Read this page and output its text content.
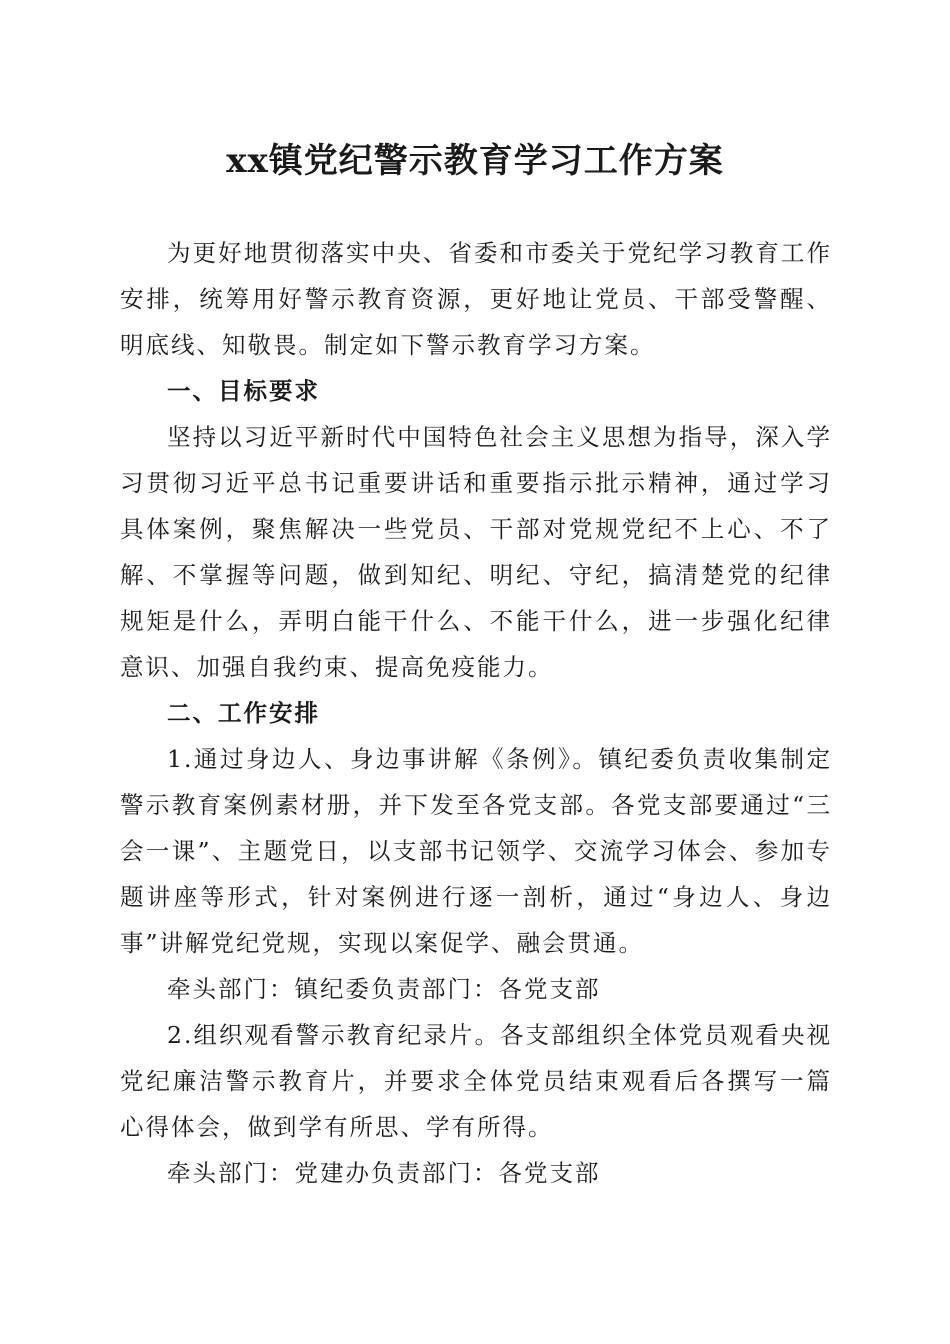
xx镇党纪警示教育学习工作方案

为更好地贯彻落实中央、省委和市委关于党纪学习教育工作安排，统筹用好警示教育资源，更好地让党员、干部受警醒、明底线、知敬畏。制定如下警示教育学习方案。

一、目标要求

坚持以习近平新时代中国特色社会主义思想为指导，深入学习贯彻习近平总书记重要讲话和重要指示批示精神，通过学习具体案例，聚焦解决一些党员、干部对党规党纪不上心、不了解、不掌握等问题，做到知纪、明纪、守纪，搞清楚党的纪律规矩是什么，弄明白能干什么、不能干什么，进一步强化纪律意识、加强自我约束、提高免疫能力。

二、工作安排

1.通过身边人、身边事讲解《条例》。镇纪委负责收集制定警示教育案例素材册，并下发至各党支部。各党支部要通过“三会一课”、主题党日，以支部书记领学、交流学习体会、参加专题讲座等形式，针对案例进行逐一剖析，通过“身边人、身边事”讲解党纪党规，实现以案促学、融会贯通。

牵头部门：镇纪委负责部门：各党支部

2.组织观看警示教育纪录片。各支部组织全体党员观看央视党纪廉洁警示教育片，并要求全体党员结束观看后各撰写一篇心得体会，做到学有所思、学有所得。

牵头部门：党建办负责部门：各党支部
